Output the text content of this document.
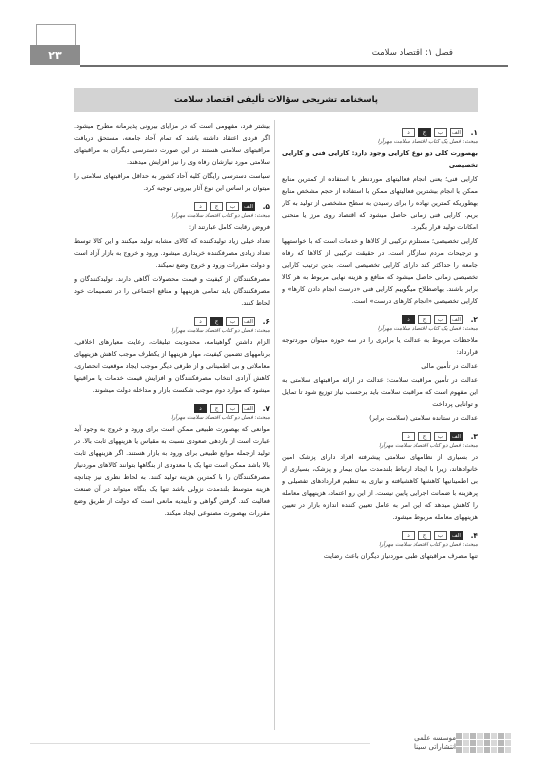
۲۳	فصل ۱: اقتصاد سلامت
پاسخنامه تشریحی سؤالات تألیفی اقتصاد سلامت
۱.
الف
ب
ج
د
مبحث: فصل یک کتاب اقتصاد سلامت مهرآرا

بهصورت کلی دو نوع کارایی وجود دارد: کارایی فنی و کارایی تخصیصی

کارایی فنی؛ یعنی انجام فعالیتهای موردنظر با استفاده از کمترین منابع ممکن یا انجام بیشترین فعالیتهای ممکن با استفاده از حجم مشخص منابع بهطوریکه کمترین نهاده را برای رسیدن به سطح مشخصی از تولید به کار بریم. کارایی فنی زمانی حاصل میشود که اقتصاد روی مرز یا منحنی امکانات تولید قرار بگیرد.

کارایی تخصیصی؛ مستلزم ترکیبی از کالاها و خدمات است که با خواستهها و ترجیحات مردم سازگار است. در حقیقت ترکیبی از کالاها که رفاه جامعه را حداکثر کند دارای کارایی تخصیصی است. بدین ترتیب کارایی تخصیصی زمانی حاصل میشود که منافع و هزینه نهایی مربوط به هر کالا برابر باشند. بهاصطلاح میگوییم کارایی فنی «درست انجام دادن کارها» و کارایی تخصیصی «انجام کارهای درست» است.

۲.
الف
ب
ج
د
مبحث: فصل یک کتاب اقتصاد سلامت مهرآرا

ملاحظات مربوط به عدالت یا برابری را در سه حوزه میتوان موردتوجه قرارداد:

عدالت در تأمین مالی

عدالت در تأمین مراقبت سلامت: عدالت در ارائه مراقبتهای سلامتی به این مفهوم است که مراقبت سلامت باید برحسب نیاز توزیع شود تا تمایل و توانایی پرداخت

عدالت در ستانده سلامتی (سلامت برابر)

۳.
الف
ب
ج
د
مبحث: فصل دو کتاب اقتصاد سلامت مهرآرا

در بسیاری از نظامهای سلامتی پیشرفته افراد دارای پزشک امین خانوادهاند، زیرا با ایجاد ارتباط بلندمدت میان بیمار و پزشک، بسیاری از بی اطمینانیها کاهشها کاهشیافته و نیازی به تنظیم قراردادهای تفصیلی و پرهزینه با ضمانت اجرایی پایین نیست. از این رو اعتماد، هزینههای معامله را کاهش میدهد که این امر به عامل تعیین کننده اندازه بازار در تعیین هزینههای معامله مربوط میشود.

۴.
الف
ب
ج
د
مبحث: فصل دو کتاب اقتصاد سلامت مهرآرا

تنها مصرف مراقبتهای طبی موردنیاز دیگران باعث رضایت

بیشتر فرد، مفهومی است که در مزایای بیرونی پذیرمانه مطرح میشود. اگر فردی اعتقاد داشته باشد که تمام آحاد جامعه، مستحق دریافت مراقبتهای سلامتی هستند در این صورت دسترسی دیگران به مراقبتهای سلامتی مورد نیازشان رفاه وی را نیز افزایش میدهند.

سیاست دسترسی رایگان کلیه آحاد کشور به حداقل مراقبتهای سلامتی را میتوان بر اساس این نوع آثار بیرونی توجیه کرد.

۵.
الف
ب
ج
د
مبحث: فصل دو کتاب اقتصاد سلامت مهرآرا

فروض رقابت کامل عبارتند از:

تعداد خیلی زیاد تولیدکننده که کالای مشابه تولید میکنند و این کالا توسط تعداد زیادی مصرفکننده خریداری میشود. ورود و خروج به بازار آزاد است و دولت مقررات ورود و خروج وضع نمیکند.

مصرفکنندگان از کیفیت و قیمت محصولات آگاهی دارند. تولیدکنندگان و مصرفکنندگان باید تمامی هزینهها و منافع اجتماعی را در تصمیمات خود لحاظ کنند.

۶.
الف
ب
ج
د
مبحث: فصل دو کتاب اقتصاد سلامت مهرآرا

الزام داشتن گواهینامه، محدودیت تبلیغات، رعایت معیارهای اخلاقی، برنامههای تضمین کیفیت، مهار هزینهها از یکطرف موجب کاهش هزینههای معاملاتی و بی اطمینانی و از طرفی دیگر موجب ایجاد موقعیت انحصاری، کاهش آزادی انتخاب مصرفکنندگان و افزایش قیمت خدمات یا مراقبتها میشود که موارد دوم موجب شکست بازار و مداخله دولت میشوند.

۷.
الف
ب
ج
د
مبحث: فصل دو کتاب اقتصاد سلامت مهرآرا

موانعی که بهصورت طبیعی ممکن است برای ورود و خروج به وجود آید عبارت است از بازدهی صعودی نسبت به مقیاس یا هزینههای ثابت بالا. در تولید ازجمله موانع طبیعی برای ورود به بازار هستند. اگر هزینههای ثابت بالا باشد ممکن است تنها یک یا معدودی از بنگاهها بتوانند کالاهای موردنیاز مصرفکنندگان را با کمترین هزینه تولید کنند. به لحاظ نظری نیز چنانچه هزینه متوسط بلندمدت نزولی باشد تنها یک بنگاه میتواند در آن صنعت فعالیت کند. گرفتن گواهی و تأییدیه مانعی است که دولت از طریق وضع مقررات بهصورت مصنوعی ایجاد میکند.

موسسه علمی
انتشاراتی سینا
